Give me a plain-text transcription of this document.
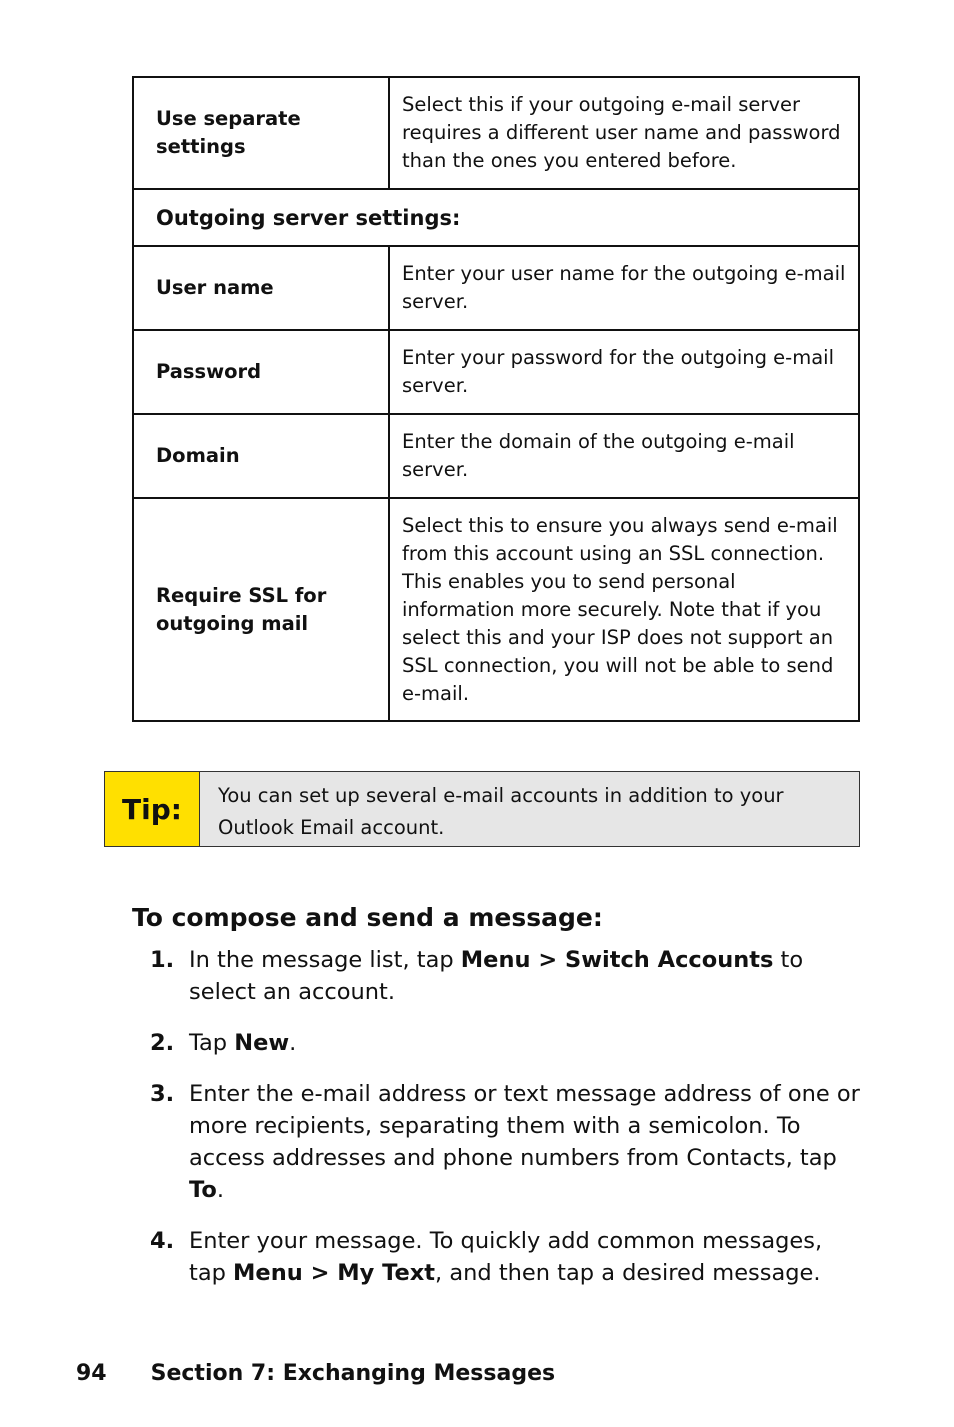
Use separate settings	Select this if your outgoing e-mail server requires a different user name and password than the ones you entered before.
Outgoing server settings:	
User name	Enter your user name for the outgoing e-mail server.
Password	Enter your password for the outgoing e-mail server.
Domain	Enter the domain of the outgoing e-mail server.
Require SSL for outgoing mail	Select this to ensure you always send e-mail from this account using an SSL connection. This enables you to send personal information more securely. Note that if you select this and your ISP does not support an SSL connection, you will not be able to send e-mail.
Tip:	You can set up several e-mail accounts in addition to your Outlook Email account.
To compose and send a message:
1. In the message list, tap Menu > Switch Accounts to select an account.
2. Tap New.
3. Enter the e-mail address or text message address of one or more recipients, separating them with a semicolon. To access addresses and phone numbers from Contacts, tap To.
4. Enter your message. To quickly add common messages, tap Menu > My Text, and then tap a desired message.
94 Section 7: Exchanging Messages
